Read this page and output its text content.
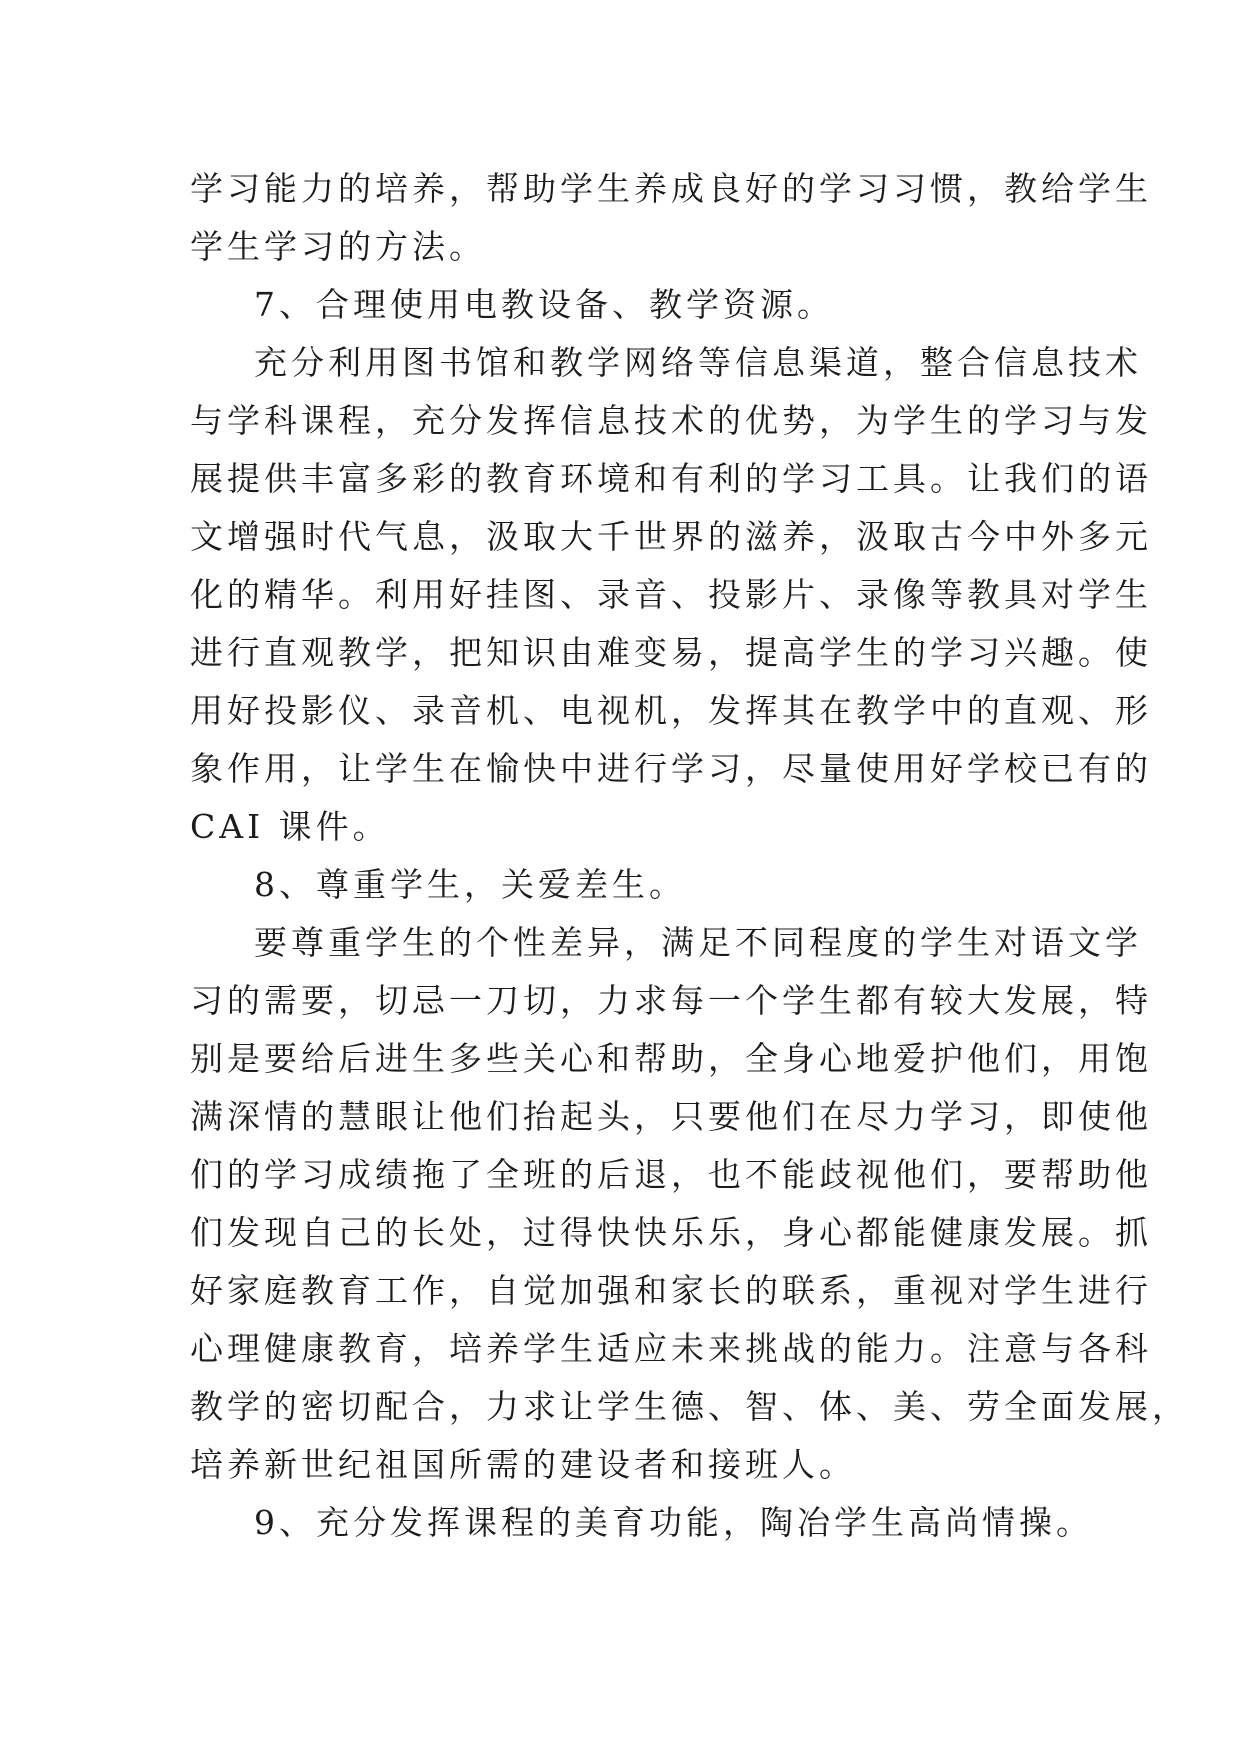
学习能力的培养，帮助学生养成良好的学习习惯，教给学生
学生学习的方法。
7、合理使用电教设备、教学资源。
充分利用图书馆和教学网络等信息渠道，整合信息技术
与学科课程，充分发挥信息技术的优势，为学生的学习与发
展提供丰富多彩的教育环境和有利的学习工具。让我们的语
文增强时代气息，汲取大千世界的滋养，汲取古今中外多元
化的精华。利用好挂图、录音、投影片、录像等教具对学生
进行直观教学，把知识由难变易，提高学生的学习兴趣。使
用好投影仪、录音机、电视机，发挥其在教学中的直观、形
象作用，让学生在愉快中进行学习，尽量使用好学校已有的
CAI 课件。
8、尊重学生，关爱差生。
要尊重学生的个性差异，满足不同程度的学生对语文学
习的需要，切忌一刀切，力求每一个学生都有较大发展，特
别是要给后进生多些关心和帮助，全身心地爱护他们，用饱
满深情的慧眼让他们抬起头，只要他们在尽力学习，即使他
们的学习成绩拖了全班的后退，也不能歧视他们，要帮助他
们发现自己的长处，过得快快乐乐，身心都能健康发展。抓
好家庭教育工作，自觉加强和家长的联系，重视对学生进行
心理健康教育，培养学生适应未来挑战的能力。注意与各科
教学的密切配合，力求让学生德、智、体、美、劳全面发展，
培养新世纪祖国所需的建设者和接班人。
9、充分发挥课程的美育功能，陶冶学生高尚情操。
